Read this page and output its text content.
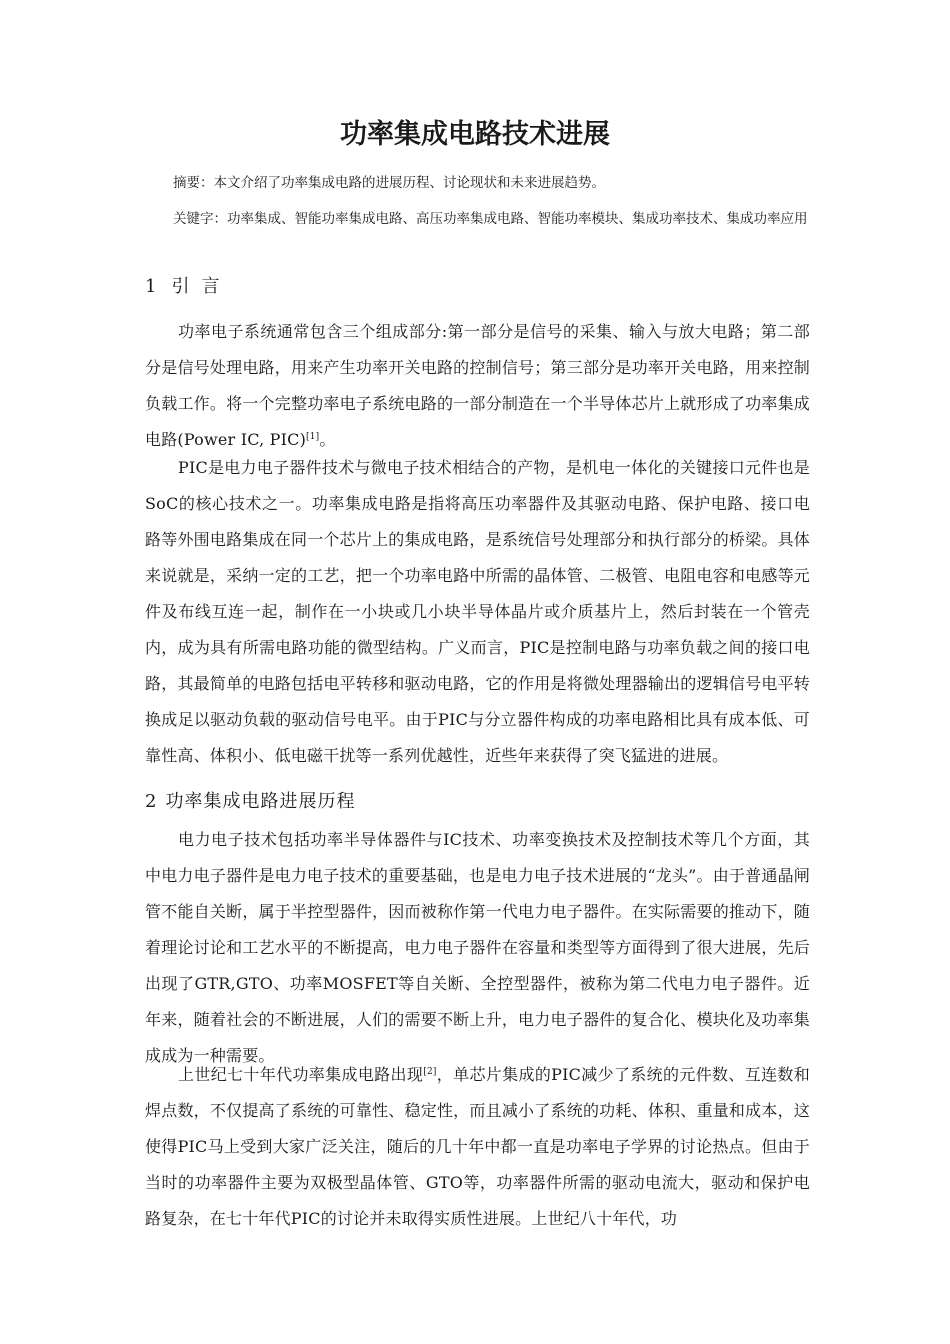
功率集成电路技术进展

摘要：本文介绍了功率集成电路的进展历程、讨论现状和未来进展趋势。

关键字：功率集成、智能功率集成电路、高压功率集成电路、智能功率模块、集成功率技术、集成功率应用

1 引言

功率电子系统通常包含三个组成部分:第一部分是信号的采集、输入与放大电路；第二部分是信号处理电路，用来产生功率开关电路的控制信号；第三部分是功率开关电路，用来控制负载工作。将一个完整功率电子系统电路的一部分制造在一个半导体芯片上就形成了功率集成电路(Power IC, PIC)[1]。

PIC是电力电子器件技术与微电子技术相结合的产物，是机电一体化的关键接口元件也是SoC的核心技术之一。功率集成电路是指将高压功率器件及其驱动电路、保护电路、接口电路等外围电路集成在同一个芯片上的集成电路，是系统信号处理部分和执行部分的桥梁。具体来说就是，采纳一定的工艺，把一个功率电路中所需的晶体管、二极管、电阻电容和电感等元件及布线互连一起，制作在一小块或几小块半导体晶片或介质基片上，然后封装在一个管壳内，成为具有所需电路功能的微型结构。广义而言，PIC是控制电路与功率负载之间的接口电路，其最简单的电路包括电平转移和驱动电路，它的作用是将微处理器输出的逻辑信号电平转换成足以驱动负载的驱动信号电平。由于PIC与分立器件构成的功率电路相比具有成本低、可靠性高、体积小、低电磁干扰等一系列优越性，近些年来获得了突飞猛进的进展。

2 功率集成电路进展历程

电力电子技术包括功率半导体器件与IC技术、功率变换技术及控制技术等几个方面，其中电力电子器件是电力电子技术的重要基础，也是电力电子技术进展的“龙头”。由于普通晶闸管不能自关断，属于半控型器件，因而被称作第一代电力电子器件。在实际需要的推动下，随着理论讨论和工艺水平的不断提高，电力电子器件在容量和类型等方面得到了很大进展，先后出现了GTR,GTO、功率MOSFET等自关断、全控型器件，被称为第二代电力电子器件。近年来，随着社会的不断进展，人们的需要不断上升，电力电子器件的复合化、模块化及功率集成成为一种需要。

上世纪七十年代功率集成电路出现[2]，单芯片集成的PIC减少了系统的元件数、互连数和焊点数，不仅提高了系统的可靠性、稳定性，而且减小了系统的功耗、体积、重量和成本，这使得PIC马上受到大家广泛关注，随后的几十年中都一直是功率电子学界的讨论热点。但由于当时的功率器件主要为双极型晶体管、GTO等，功率器件所需的驱动电流大，驱动和保护电路复杂，在七十年代PIC的讨论并未取得实质性进展。上世纪八十年代，功
